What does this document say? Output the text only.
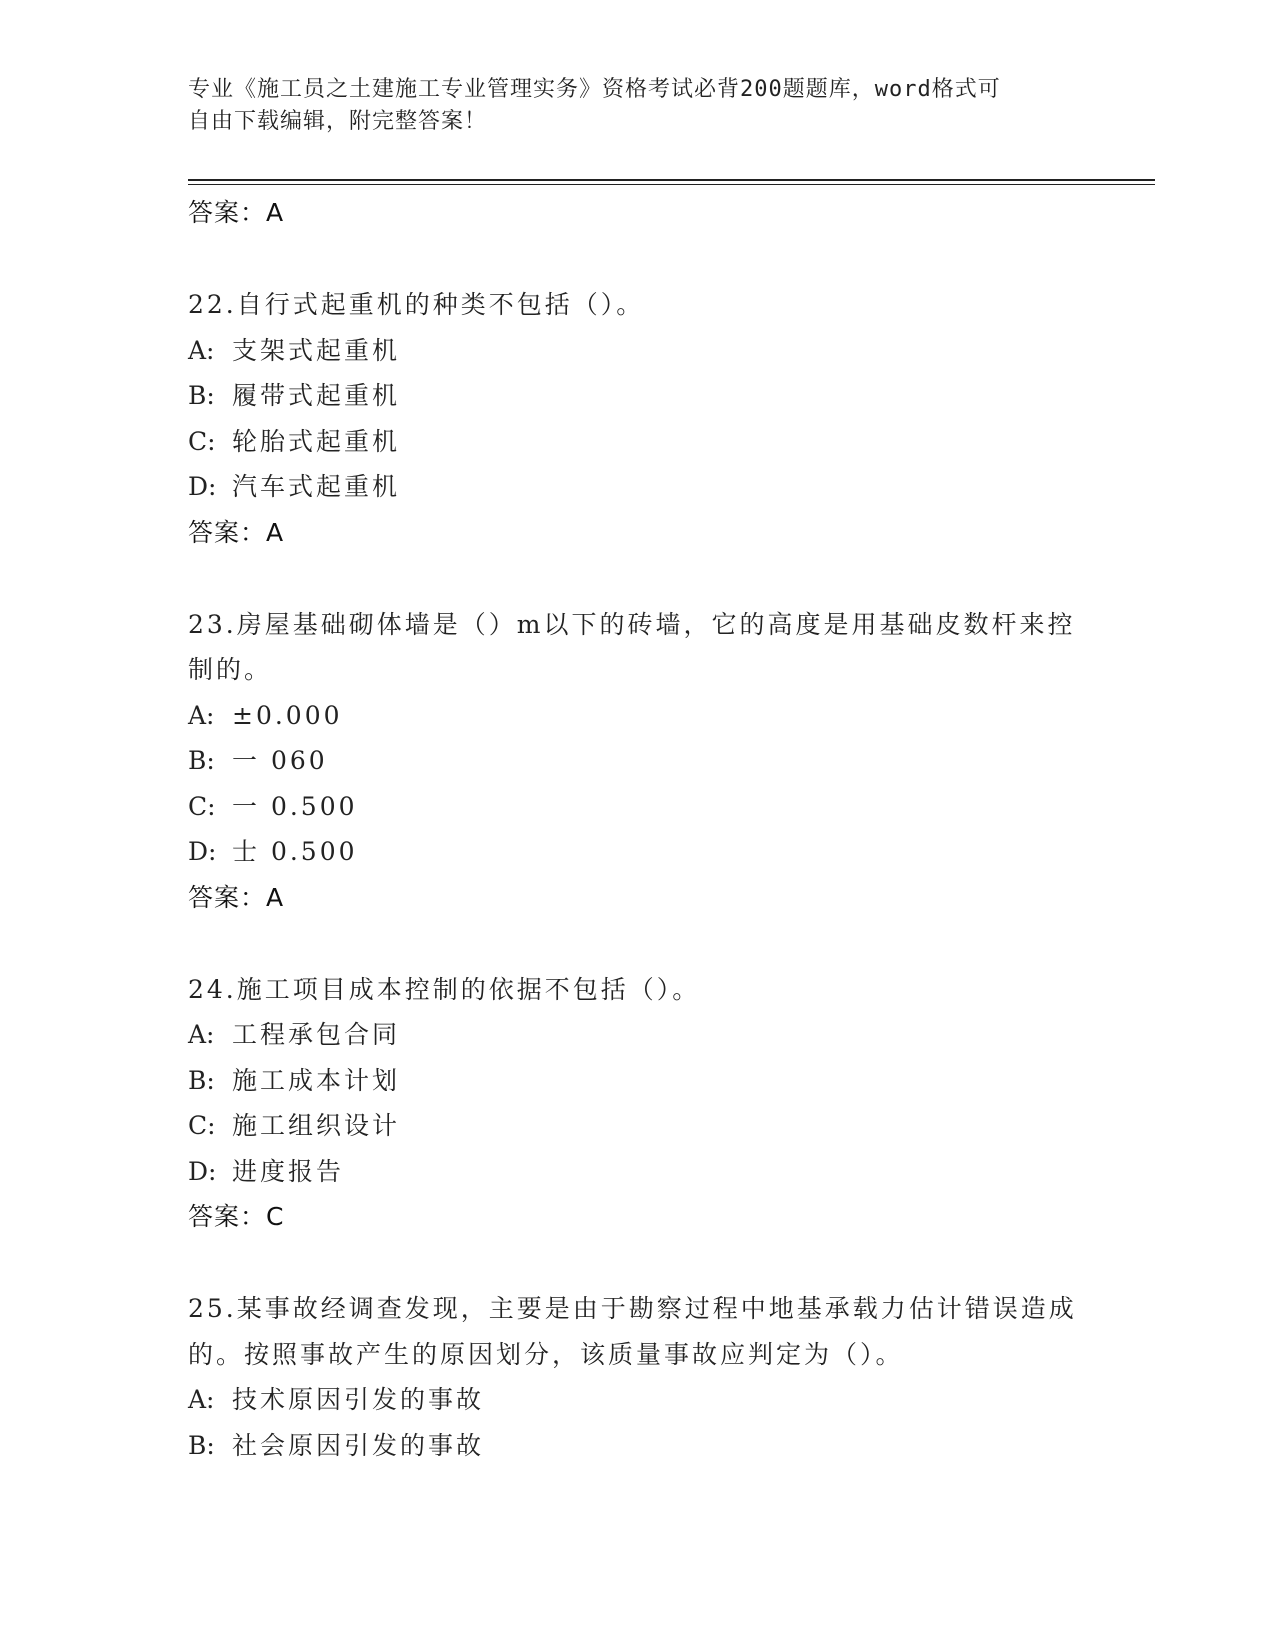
专业《施工员之土建施工专业管理实务》资格考试必背200题题库，word格式可
自由下载编辑，附完整答案！
答案：A
22.自行式起重机的种类不包括（）。
A: 支架式起重机
B: 履带式起重机
C: 轮胎式起重机
D: 汽车式起重机
答案：A
23.房屋基础砌体墙是（）m以下的砖墙，它的高度是用基础皮数杆来控制的。
A: ±0.000
B: 一 060
C: 一 0.500
D: 士 0.500
答案：A
24.施工项目成本控制的依据不包括（）。
A: 工程承包合同
B: 施工成本计划
C: 施工组织设计
D: 进度报告
答案：C
25.某事故经调查发现，主要是由于勘察过程中地基承载力估计错误造成的。按照事故产生的原因划分，该质量事故应判定为（）。
A: 技术原因引发的事故
B: 社会原因引发的事故
